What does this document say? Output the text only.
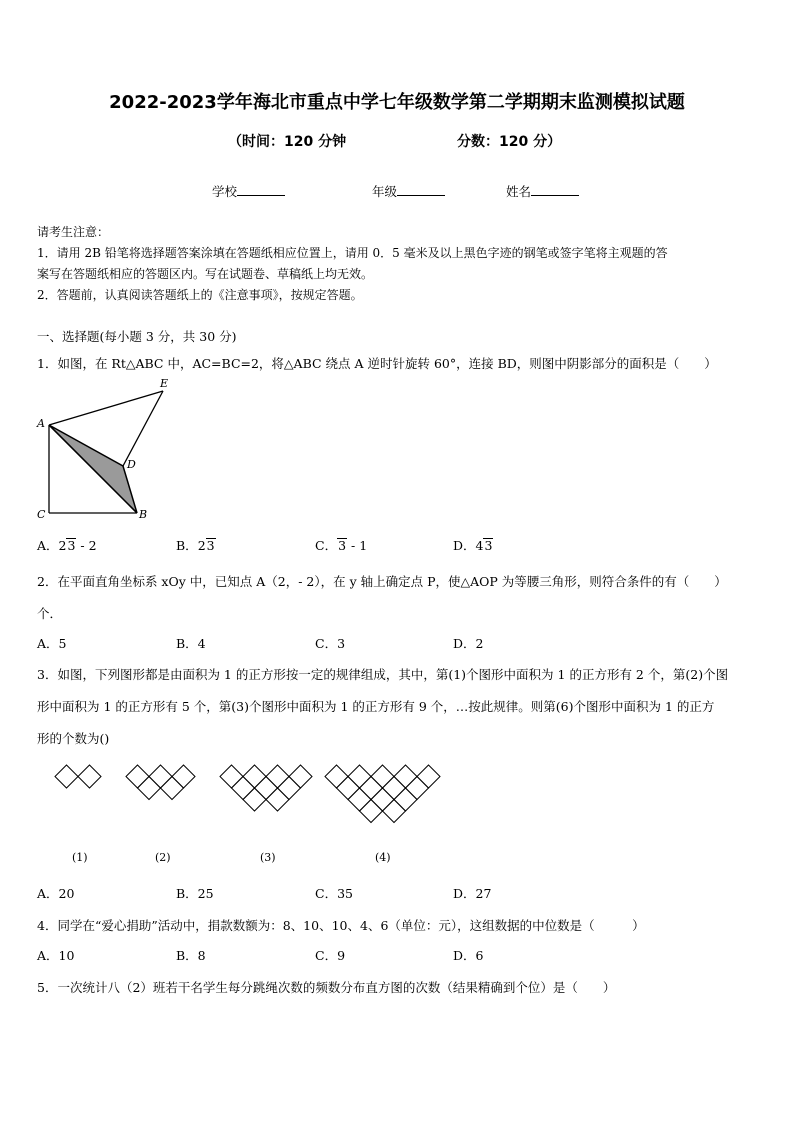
2022-2023学年海北市重点中学七年级数学第二学期期末监测模拟试题
（时间：120 分钟	分数：120 分）
学校	年级	姓名
请考生注意：
1．请用 2B 铅笔将选择题答案涂填在答题纸相应位置上，请用 0．5 毫米及以上黑色字迹的钢笔或签字笔将主观题的答
案写在答题纸相应的答题区内。写在试题卷、草稿纸上均无效。
2．答题前，认真阅读答题纸上的《注意事项》，按规定答题。
一、选择题(每小题 3 分，共 30 分)
1．如图，在 Rt△ABC 中，AC=BC=2，将△ABC 绕点 A 逆时针旋转 60°，连接 BD，则图中阴影部分的面积是（　　）
A
E
D
C	B
A．23 - 2	B．23	C．3 - 1	D．43
2．在平面直角坐标系 xOy 中，已知点 A（2，- 2），在 y 轴上确定点 P，使△AOP 为等腰三角形，则符合条件的有（　　）
个．
A．5	B．4	C．3	D．2
3．如图，下列图形都是由面积为 1 的正方形按一定的规律组成，其中，第(1)个图形中面积为 1 的正方形有 2 个，第(2)个图
形中面积为 1 的正方形有 5 个，第(3)个图形中面积为 1 的正方形有 9 个，…按此规律。则第(6)个图形中面积为 1 的正方
形的个数为()
(1)	(2)	(3)	(4)
A．20	B．25	C．35	D．27
4．同学在“爱心捐助”活动中，捐款数额为：8、10、10、4、6（单位：元），这组数据的中位数是（　　　）
A．10	B．8	C．9	D．6
5．一次统计八（2）班若干名学生每分跳绳次数的频数分布直方图的次数（结果精确到个位）是（　　）
